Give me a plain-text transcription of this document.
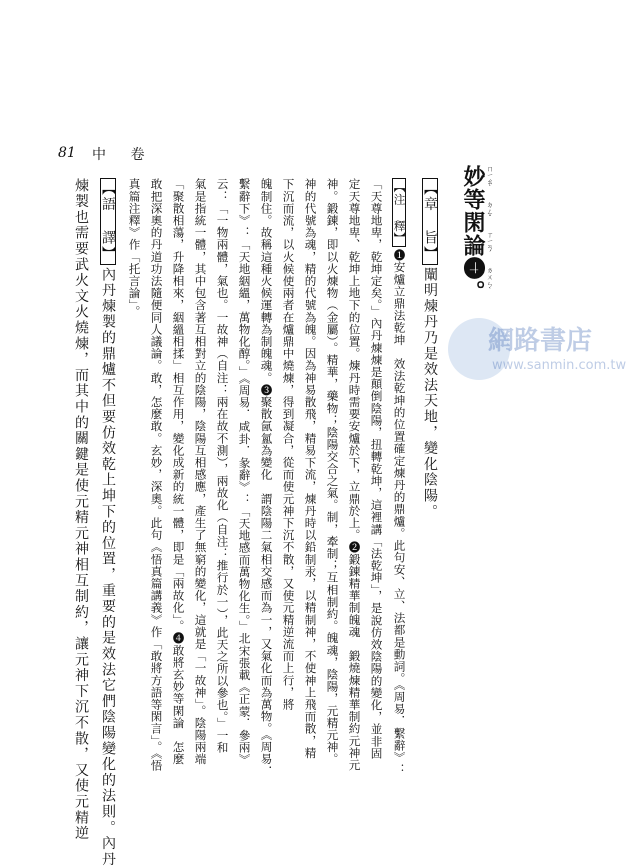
81 中 卷
妙等閑論❹。 ㄇㄧㄠˋ ㄉㄥˇ ㄒㄧㄢˊ ㄌㄨㄣˋ
【章 旨】闡明煉丹乃是效法天地，變化陰陽。
【注 釋】❶安爐立鼎法乾坤　效法乾坤的位置確定煉丹的鼎爐。此句安、立、法都是動詞。《周易．繫辭》：
「天尊地卑，乾坤定矣。」內丹煉煉是顛倒陰陽，扭轉乾坤，這裡講「法乾坤」，是說仿效陰陽的變化，並非固
定天尊地卑、乾坤上地下的位置。煉丹時需要安爐於下，立鼎於上。❷鍛鍊精華制魄魂　鍛燒煉精華制約元神元
神。鍛鍊，即以火煉物（金屬）。精華，藥物；陰陽交合之氣。制，牽制；互相制約。魄魂，陰陽，元精元神。
神的代號為魂，精的代號為魄。因為神易散飛，精易下流，煉丹時以鉛制汞，以精制神，不使神上飛而散，精
下沉而流，以火候使兩者在爐鼎中燒煉，得到凝合，從而使元神下沉不散，又使元精逆流而上行，將
魄制住。故稱這種火候運轉為制魄魂。❸聚散氤氳為變化　謂陰陽二氣相交感而為一，又氣化而為萬物。《周易．
繫辭下》：「天地絪縕，萬物化醇。」《周易．咸卦．彖辭》：「天地感而萬物化生。」北宋張載《正蒙．參兩》
云：「一物兩體，氣也。一故神（自注：兩在故不測），兩故化（自注：推行於一），此天之所以參也。」一和
氣是指統一體，其中包含著互相對立的陰陽，陰陽互相感應，產生了無窮的變化，這就是「一故神」。陰陽兩端
「聚散相蕩，升降相來，絪縕相揉」相互作用，變化成新的統一體，即是「兩故化」。❹敢將玄妙等閑論　怎麼
敢把深奧的丹道功法隨便同人議論。敢，怎麼敢。玄妙，深奧。此句《悟真篇講義》作「敢將方語等閑言」。《悟
真篇注釋》作「托言論」。
【語 譯】內丹煉製的鼎爐不但要仿效乾上坤下的位置，重要的是效法它們陰陽變化的法則。內丹
煉製也需要武火文火燒煉，而其中的關鍵是使元精元神相互制約，讓元神下沉不散，又使元精逆	網路書店
www.sanmin.com.tw
